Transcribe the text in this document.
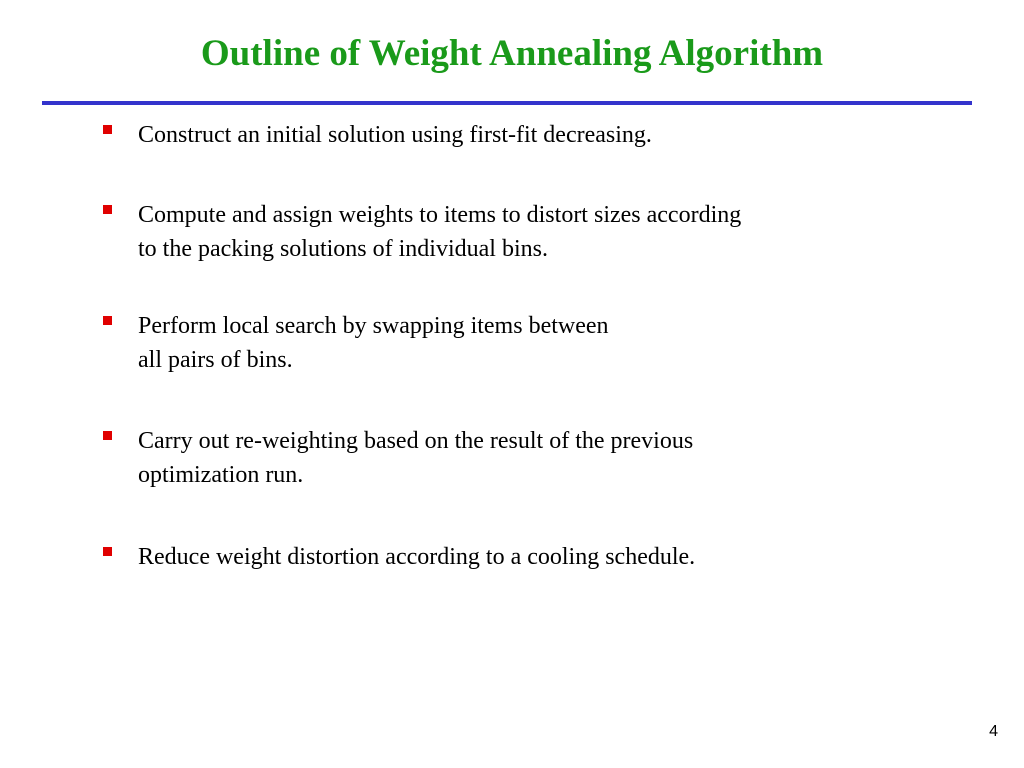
Outline of Weight Annealing Algorithm
Construct an initial solution using first-fit decreasing.
Compute and assign weights to items to distort sizes according
to the packing solutions of individual bins.
Perform local search by swapping items between
all pairs of bins.
Carry out re-weighting based on the result of the previous
optimization run.
Reduce weight distortion according to a cooling schedule.
4
